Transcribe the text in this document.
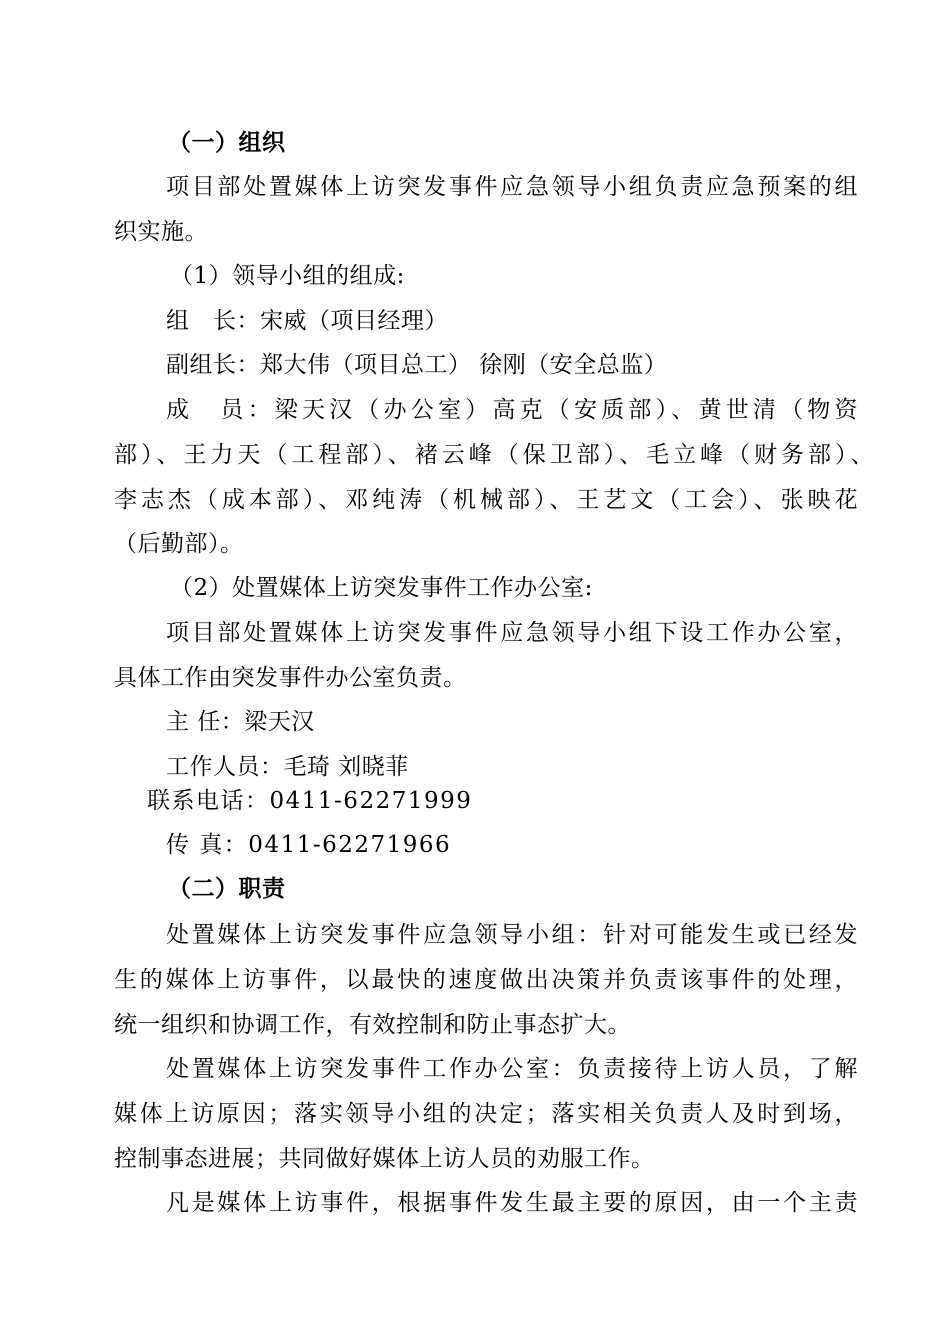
（一）组织
项目部处置媒体上访突发事件应急领导小组负责应急预案的组
织实施。
（1）领导小组的组成:
组　长：宋威（项目经理）
副组长：郑大伟（项目总工） 徐刚（安全总监）
成　员：梁天汉（办公室）高克（安质部）、黄世清（物资
部）、王力天（工程部）、褚云峰（保卫部）、毛立峰（财务部）、
李志杰（成本部）、邓纯涛（机械部）、王艺文（工会）、张映花
（后勤部）。
（2）处置媒体上访突发事件工作办公室:
项目部处置媒体上访突发事件应急领导小组下设工作办公室，
具体工作由突发事件办公室负责。
主 任：梁天汉
工作人员：毛琦 刘晓菲
联系电话：0411-62271999
传 真：0411-62271966
（二）职责
处置媒体上访突发事件应急领导小组：针对可能发生或已经发
生的媒体上访事件，以最快的速度做出决策并负责该事件的处理，
统一组织和协调工作，有效控制和防止事态扩大。
处置媒体上访突发事件工作办公室：负责接待上访人员，了解
媒体上访原因；落实领导小组的决定；落实相关负责人及时到场，
控制事态进展；共同做好媒体上访人员的劝服工作。
凡是媒体上访事件，根据事件发生最主要的原因，由一个主责
